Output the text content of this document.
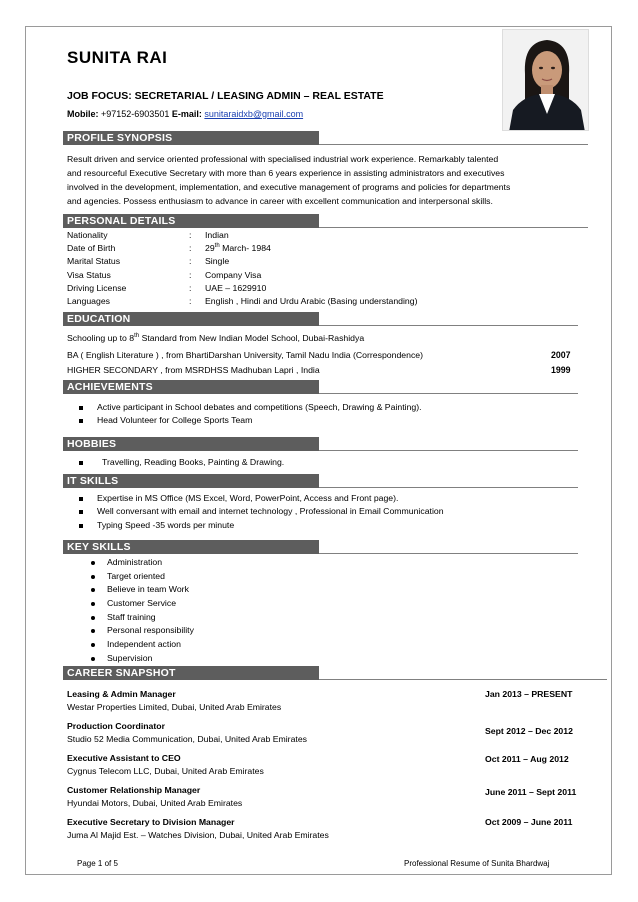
SUNITA RAI
JOB FOCUS: SECRETARIAL / LEASING ADMIN – REAL ESTATE
Mobile: +97152-6903501 E-mail: sunitaraidxb@gmail.com
PROFILE SYNOPSIS
Result driven and service oriented professional with specialised industrial work experience. Remarkably talented
and resourceful Executive Secretary with more than 6 years experience in assisting administrators and executives
involved in the development, implementation, and executive management of programs and policies for departments
and agencies. Possess enthusiasm to advance in career with excellent communication and interpersonal skills.
PERSONAL DETAILS
Nationality	: Indian
Date of Birth	: 29th March- 1984
Marital Status	: Single
Visa Status	: Company Visa
Driving License	: UAE – 1629910
Languages	: English , Hindi and Urdu Arabic (Basing understanding)
EDUCATION
Schooling up to 8th Standard from New Indian Model School, Dubai-Rashidya
BA ( English Literature ) , from BhartiDarshan University, Tamil Nadu India (Correspondence)	2007
HIGHER SECONDARY , from MSRDHSS Madhuban Lapri , India	1999
ACHIEVEMENTS
Active participant in School debates and competitions (Speech, Drawing & Painting).
Head Volunteer for College Sports Team
HOBBIES
Travelling, Reading Books, Painting & Drawing.
IT SKILLS
Expertise in MS Office (MS Excel, Word, PowerPoint, Access and Front page).
Well conversant with email and internet technology , Professional in Email Communication
Typing Speed -35 words per minute
KEY SKILLS
Administration
Target oriented
Believe in team Work
Customer Service
Staff training
Personal responsibility
Independent action
Supervision
CAREER SNAPSHOT
Leasing & Admin Manager
Westar Properties Limited, Dubai, United Arab Emirates
Jan 2013 – PRESENT
Production Coordinator
Studio 52 Media Communication, Dubai, United Arab Emirates
Sept 2012 – Dec 2012
Executive Assistant to CEO
Cygnus Telecom LLC, Dubai, United Arab Emirates
Oct 2011 – Aug 2012
Customer Relationship Manager
Hyundai Motors, Dubai, United Arab Emirates
June 2011 – Sept 2011
Executive Secretary to Division Manager
Juma Al Majid Est. – Watches Division, Dubai, United Arab Emirates
Oct 2009 – June 2011
Page 1 of 5	Professional Resume of Sunita Bhardwaj
